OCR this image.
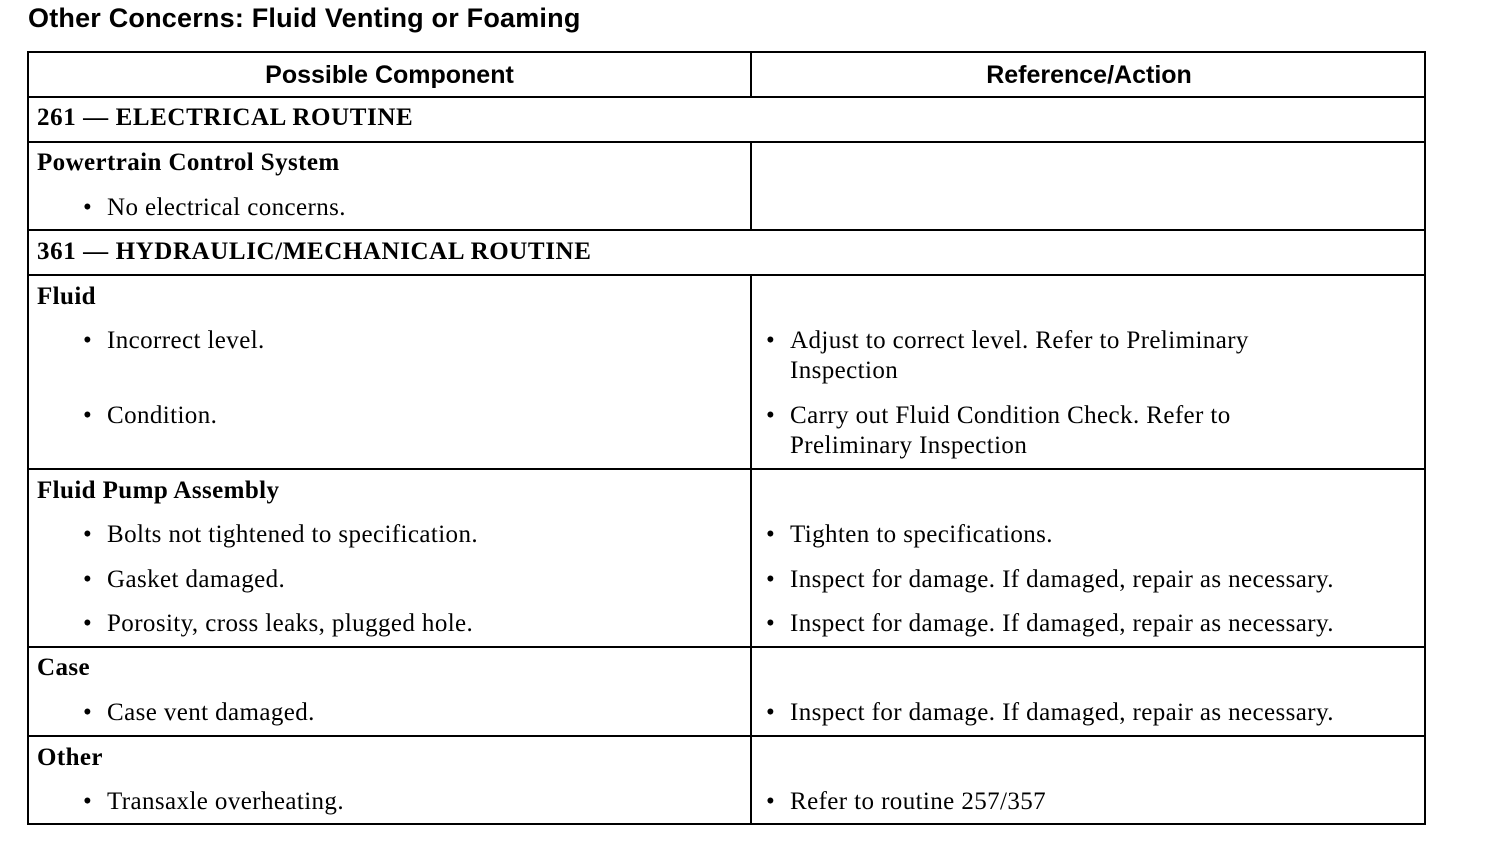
Other Concerns: Fluid Venting or Foaming
Possible Component	Reference/Action
261 — ELECTRICAL ROUTINE
Powertrain Control System
• No electrical concerns.
361 — HYDRAULIC/MECHANICAL ROUTINE
Fluid
• Incorrect level.	• Adjust to correct level. Refer to Preliminary
Inspection
• Condition.	• Carry out Fluid Condition Check. Refer to
Preliminary Inspection
Fluid Pump Assembly
• Bolts not tightened to specification.	• Tighten to specifications.
• Gasket damaged.	• Inspect for damage. If damaged, repair as necessary.
• Porosity, cross leaks, plugged hole.	• Inspect for damage. If damaged, repair as necessary.
Case
• Case vent damaged.	• Inspect for damage. If damaged, repair as necessary.
Other
• Transaxle overheating.	• Refer to routine 257/357
